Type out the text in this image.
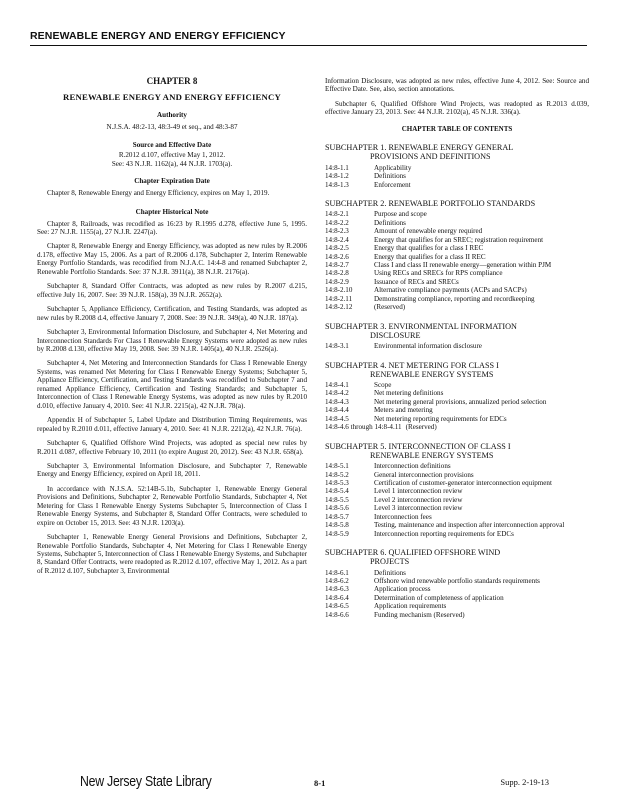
RENEWABLE ENERGY AND ENERGY EFFICIENCY
CHAPTER 8
RENEWABLE ENERGY AND ENERGY EFFICIENCY
Authority
N.J.S.A. 48:2-13, 48:3-49 et seq., and 48:3-87
Source and Effective Date
R.2012 d.107, effective May 1, 2012.
See: 43 N.J.R. 1162(a), 44 N.J.R. 1703(a).
Chapter Expiration Date
Chapter 8, Renewable Energy and Energy Efficiency, expires on May 1, 2019.
Chapter Historical Note
Chapter 8, Railroads, was recodified as 16:23 by R.1995 d.278, effective June 5, 1995. See: 27 N.J.R. 1155(a), 27 N.J.R. 2247(a).
Chapter 8, Renewable Energy and Energy Efficiency, was adopted as new rules by R.2006 d.178, effective May 15, 2006. As a part of R.2006 d.178, Subchapter 2, Interim Renewable Energy Portfolio Standards, was recodified from N.J.A.C. 14:4-8 and renamed Subchapter 2, Renewable Portfolio Standards. See: 37 N.J.R. 3911(a), 38 N.J.R. 2176(a).
Subchapter 8, Standard Offer Contracts, was adopted as new rules by R.2007 d.215, effective July 16, 2007. See: 39 N.J.R. 158(a), 39 N.J.R. 2652(a).
Subchapter 5, Appliance Efficiency, Certification, and Testing Standards, was adopted as new rules by R.2008 d.4, effective January 7, 2008. See: 39 N.J.R. 349(a), 40 N.J.R. 187(a).
Subchapter 3, Environmental Information Disclosure, and Subchapter 4, Net Metering and Interconnection Standards For Class I Renewable Energy Systems were adopted as new rules by R.2008 d.130, effective May 19, 2008. See: 39 N.J.R. 1405(a), 40 N.J.R. 2526(a).
Subchapter 4, Net Metering and Interconnection Standards for Class I Renewable Energy Systems, was renamed Net Metering for Class I Renewable Energy Systems; Subchapter 5, Appliance Efficiency, Certification, and Testing Standards was recodified to Subchapter 7 and renamed Appliance Efficiency, Certification and Testing Standards; and Subchapter 5, Interconnection of Class I Renewable Energy Systems, was adopted as new rules by R.2010 d.010, effective January 4, 2010. See: 41 N.J.R. 2215(a), 42 N.J.R. 78(a).
Appendix H of Subchapter 5, Label Update and Distribution Timing Requirements, was repealed by R.2010 d.011, effective January 4, 2010. See: 41 N.J.R. 2212(a), 42 N.J.R. 76(a).
Subchapter 6, Qualified Offshore Wind Projects, was adopted as special new rules by R.2011 d.087, effective February 10, 2011 (to expire August 20, 2012). See: 43 N.J.R. 658(a).
Subchapter 3, Environmental Information Disclosure, and Subchapter 7, Renewable Energy and Energy Efficiency, expired on April 18, 2011.
In accordance with N.J.S.A. 52:14B-5.1b, Subchapter 1, Renewable Energy General Provisions and Definitions, Subchapter 2, Renewable Portfolio Standards, Subchapter 4, Net Metering for Class I Renewable Energy Systems Subchapter 5, Interconnection of Class I Renewable Energy Systems, and Subchapter 8, Standard Offer Contracts, were scheduled to expire on October 15, 2013. See: 43 N.J.R. 1203(a).
Subchapter 1, Renewable Energy General Provisions and Definitions, Subchapter 2, Renewable Portfolio Standards, Subchapter 4, Net Metering for Class I Renewable Energy Systems, Subchapter 5, Interconnection of Class I Renewable Energy Systems, and Subchapter 8, Standard Offer Contracts, were readopted as R.2012 d.107, effective May 1, 2012. As a part of R.2012 d.107, Subchapter 3, Environmental
Information Disclosure, was adopted as new rules, effective June 4, 2012. See: Source and Effective Date. See, also, section annotations.
Subchapter 6, Qualified Offshore Wind Projects, was readopted as R.2013 d.039, effective January 23, 2013. See: 44 N.J.R. 2102(a), 45 N.J.R. 336(a).
CHAPTER TABLE OF CONTENTS
SUBCHAPTER 1. RENEWABLE ENERGY GENERAL
PROVISIONS AND DEFINITIONS
14:8-1.1	Applicability
14:8-1.2	Definitions
14:8-1.3	Enforcement
SUBCHAPTER 2. RENEWABLE PORTFOLIO STANDARDS
14:8-2.1	Purpose and scope
14:8-2.2	Definitions
14:8-2.3	Amount of renewable energy required
14:8-2.4	Energy that qualifies for an SREC; registration requirement
14:8-2.5	Energy that qualifies for a class I REC
14:8-2.6	Energy that qualifies for a class II REC
14:8-2.7	Class I and class II renewable energy—generation within PJM
14:8-2.8	Using RECs and SRECs for RPS compliance
14:8-2.9	Issuance of RECs and SRECs
14:8-2.10	Alternative compliance payments (ACPs and SACPs)
14:8-2.11	Demonstrating compliance, reporting and recordkeeping
14:8-2.12	(Reserved)
SUBCHAPTER 3. ENVIRONMENTAL INFORMATION
DISCLOSURE
14:8-3.1	Environmental information disclosure
SUBCHAPTER 4. NET METERING FOR CLASS I
RENEWABLE ENERGY SYSTEMS
14:8-4.1	Scope
14:8-4.2	Net metering definitions
14:8-4.3	Net metering general provisions, annualized period selection
14:8-4.4	Meters and metering
14:8-4.5	Net metering reporting requirements for EDCs
14:8-4.6 through 14:8-4.11 (Reserved)
SUBCHAPTER 5. INTERCONNECTION OF CLASS I
RENEWABLE ENERGY SYSTEMS
14:8-5.1	Interconnection definitions
14:8-5.2	General interconnection provisions
14:8-5.3	Certification of customer-generator interconnection equipment
14:8-5.4	Level 1 interconnection review
14:8-5.5	Level 2 interconnection review
14:8-5.6	Level 3 interconnection review
14:8-5.7	Interconnection fees
14:8-5.8	Testing, maintenance and inspection after interconnection approval
14:8-5.9	Interconnection reporting requirements for EDCs
SUBCHAPTER 6. QUALIFIED OFFSHORE WIND
PROJECTS
14:8-6.1	Definitions
14:8-6.2	Offshore wind renewable portfolio standards requirements
14:8-6.3	Application process
14:8-6.4	Determination of completeness of application
14:8-6.5	Application requirements
14:8-6.6	Funding mechanism (Reserved)
New Jersey State Library	8-1	Supp. 2-19-13
